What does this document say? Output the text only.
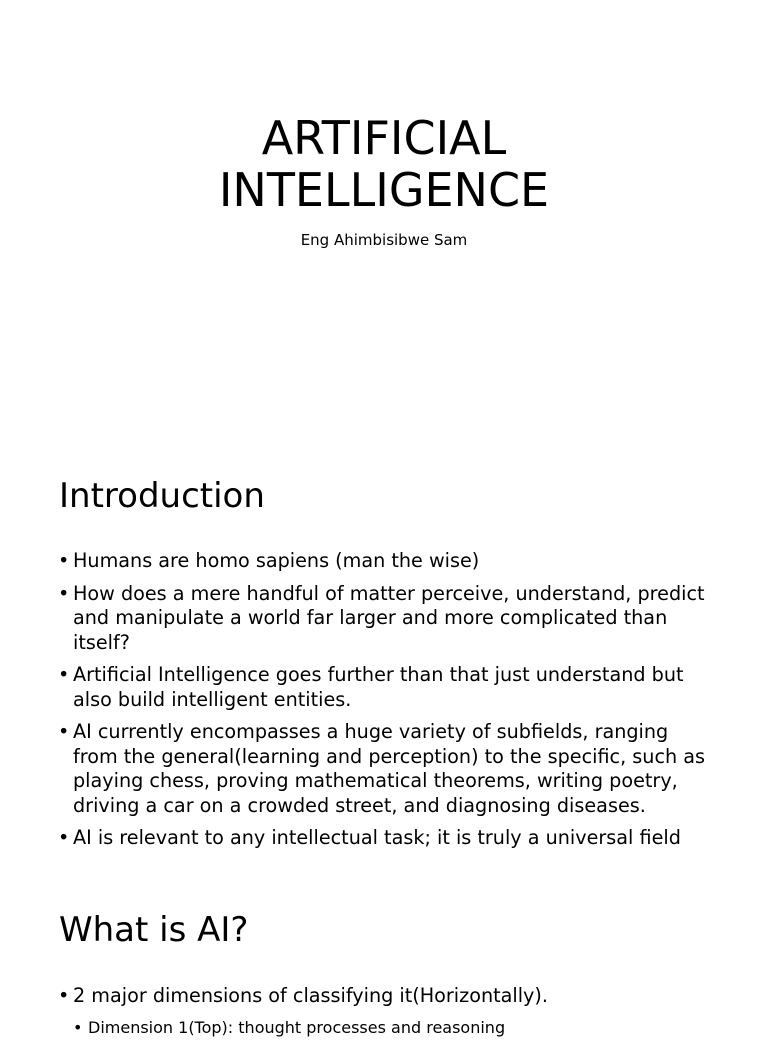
ARTIFICIAL
INTELLIGENCE

Eng Ahimbisibwe Sam

Introduction
• Humans are homo sapiens (man the wise)
• How does a mere handful of matter perceive, understand, predict and manipulate a world far larger and more complicated than itself?
• Artificial Intelligence goes further than that just understand but also build intelligent entities.
• AI currently encompasses a huge variety of subfields, ranging from the general(learning and perception) to the specific, such as playing chess, proving mathematical theorems, writing poetry, driving a car on a crowded street, and diagnosing diseases.
• AI is relevant to any intellectual task; it is truly a universal field
What is AI?
• 2 major dimensions of classifying it(Horizontally).
• Dimension 1(Top): thought processes and reasoning
